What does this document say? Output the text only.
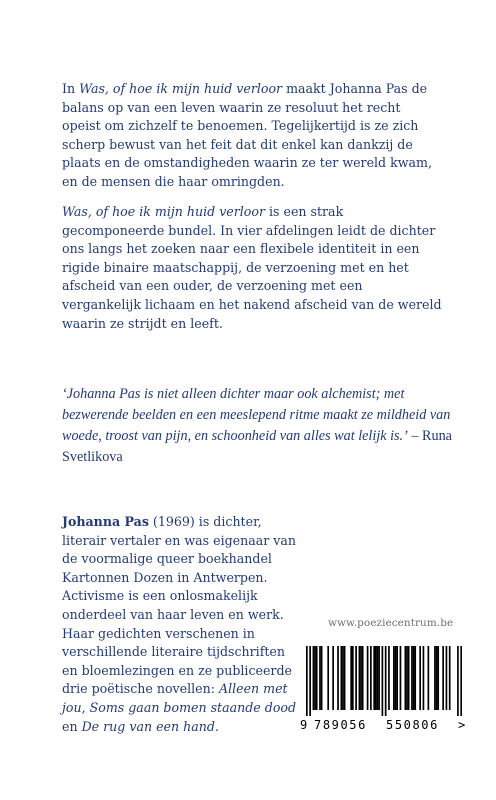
In Was, of hoe ik mijn huid verloor maakt Johanna Pas de balans op van een leven waarin ze resoluut het recht opeist om zichzelf te benoemen. Tegelijkertijd is ze zich scherp bewust van het feit dat dit enkel kan dankzij de plaats en de omstandigheden waarin ze ter wereld kwam, en de mensen die haar omringden.

Was, of hoe ik mijn huid verloor is een strak gecomponeerde bundel. In vier afdelingen leidt de dichter ons langs het zoeken naar een flexibele identiteit in een rigide binaire maatschappij, de verzoening met en het afscheid van een ouder, de verzoening met een vergankelijk lichaam en het nakend afscheid van de wereld waarin ze strijdt en leeft.

‘Johanna Pas is niet alleen dichter maar ook alchemist; met bezwerende beelden en een meeslepend ritme maakt ze mildheid van woede, troost van pijn, en schoonheid van alles wat lelijk is.’ – Runa Svetlikova

Johanna Pas (1969) is dichter, literair vertaler en was eigenaar van de voormalige queer boekhandel Kartonnen Dozen in Antwerpen. Activisme is een onlosmakelijk onderdeel van haar leven en werk. Haar gedichten verschenen in verschillende literaire tijdschriften en bloemlezingen en ze publiceerde drie poëtische novellen: Alleen met jou, Soms gaan bomen staande dood en De rug van een hand.

www.poeziecentrum.be
9 789056 550806 >
